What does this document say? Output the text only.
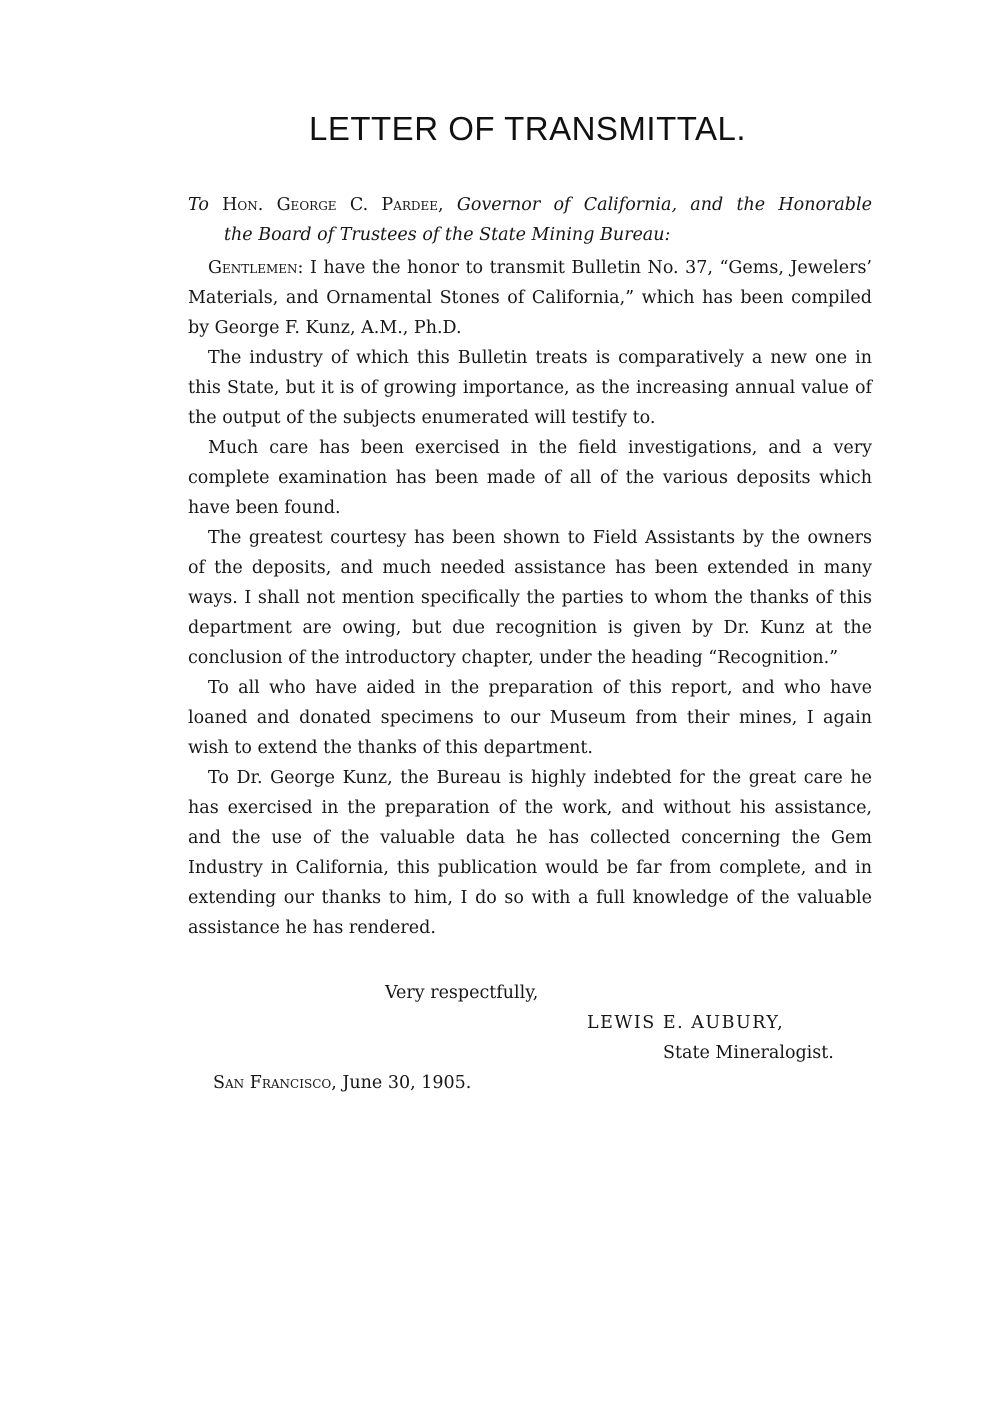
LETTER OF TRANSMITTAL.
To Hon. George C. Pardee, Governor of California, and the Honorable
the Board of Trustees of the State Mining Bureau:

Gentlemen: I have the honor to transmit Bulletin No. 37, “Gems, Jewelers’ Materials, and Ornamental Stones of California,” which has been compiled by George F. Kunz, A.M., Ph.D.

The industry of which this Bulletin treats is comparatively a new one in this State, but it is of growing importance, as the increasing annual value of the output of the subjects enumerated will testify to.

Much care has been exercised in the field investigations, and a very complete examination has been made of all of the various deposits which have been found.

The greatest courtesy has been shown to Field Assistants by the owners of the deposits, and much needed assistance has been extended in many ways. I shall not mention specifically the parties to whom the thanks of this department are owing, but due recognition is given by Dr. Kunz at the conclusion of the introductory chapter, under the heading “Recognition.”

To all who have aided in the preparation of this report, and who have loaned and donated specimens to our Museum from their mines, I again wish to extend the thanks of this department.

To Dr. George Kunz, the Bureau is highly indebted for the great care he has exercised in the preparation of the work, and without his assistance, and the use of the valuable data he has collected concerning the Gem Industry in California, this publication would be far from complete, and in extending our thanks to him, I do so with a full knowledge of the valuable assistance he has rendered.

Very respectfully,
LEWIS E. AUBURY,
State Mineralogist.
San Francisco, June 30, 1905.
